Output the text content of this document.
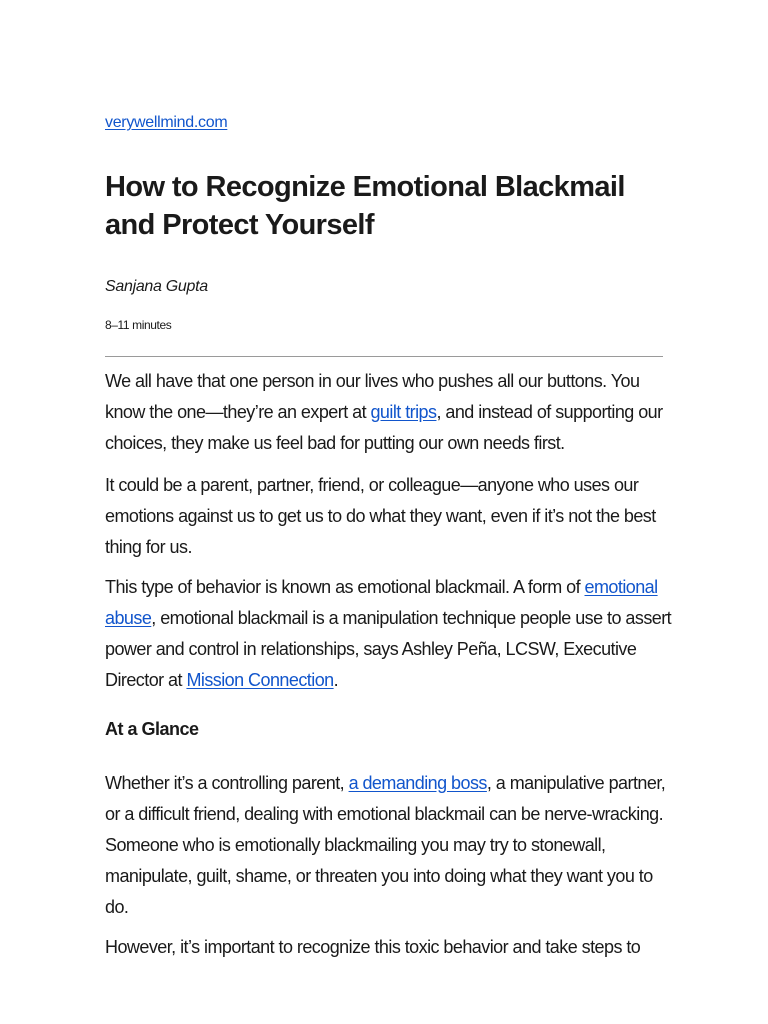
verywellmind.com
How to Recognize Emotional Blackmail
and Protect Yourself
Sanjana Gupta
8–11 minutes

We all have that one person in our lives who pushes all our buttons. You know the one—they’re an expert at guilt trips, and instead of supporting our choices, they make us feel bad for putting our own needs first.

It could be a parent, partner, friend, or colleague—anyone who uses our emotions against us to get us to do what they want, even if it’s not the best thing for us.

This type of behavior is known as emotional blackmail. A form of emotional abuse, emotional blackmail is a manipulation technique people use to assert power and control in relationships, says Ashley Peña, LCSW, Executive Director at Mission Connection.

At a Glance

Whether it’s a controlling parent, a demanding boss, a manipulative partner, or a difficult friend, dealing with emotional blackmail can be nerve-wracking. Someone who is emotionally blackmailing you may try to stonewall, manipulate, guilt, shame, or threaten you into doing what they want you to do.

However, it’s important to recognize this toxic behavior and take steps to
